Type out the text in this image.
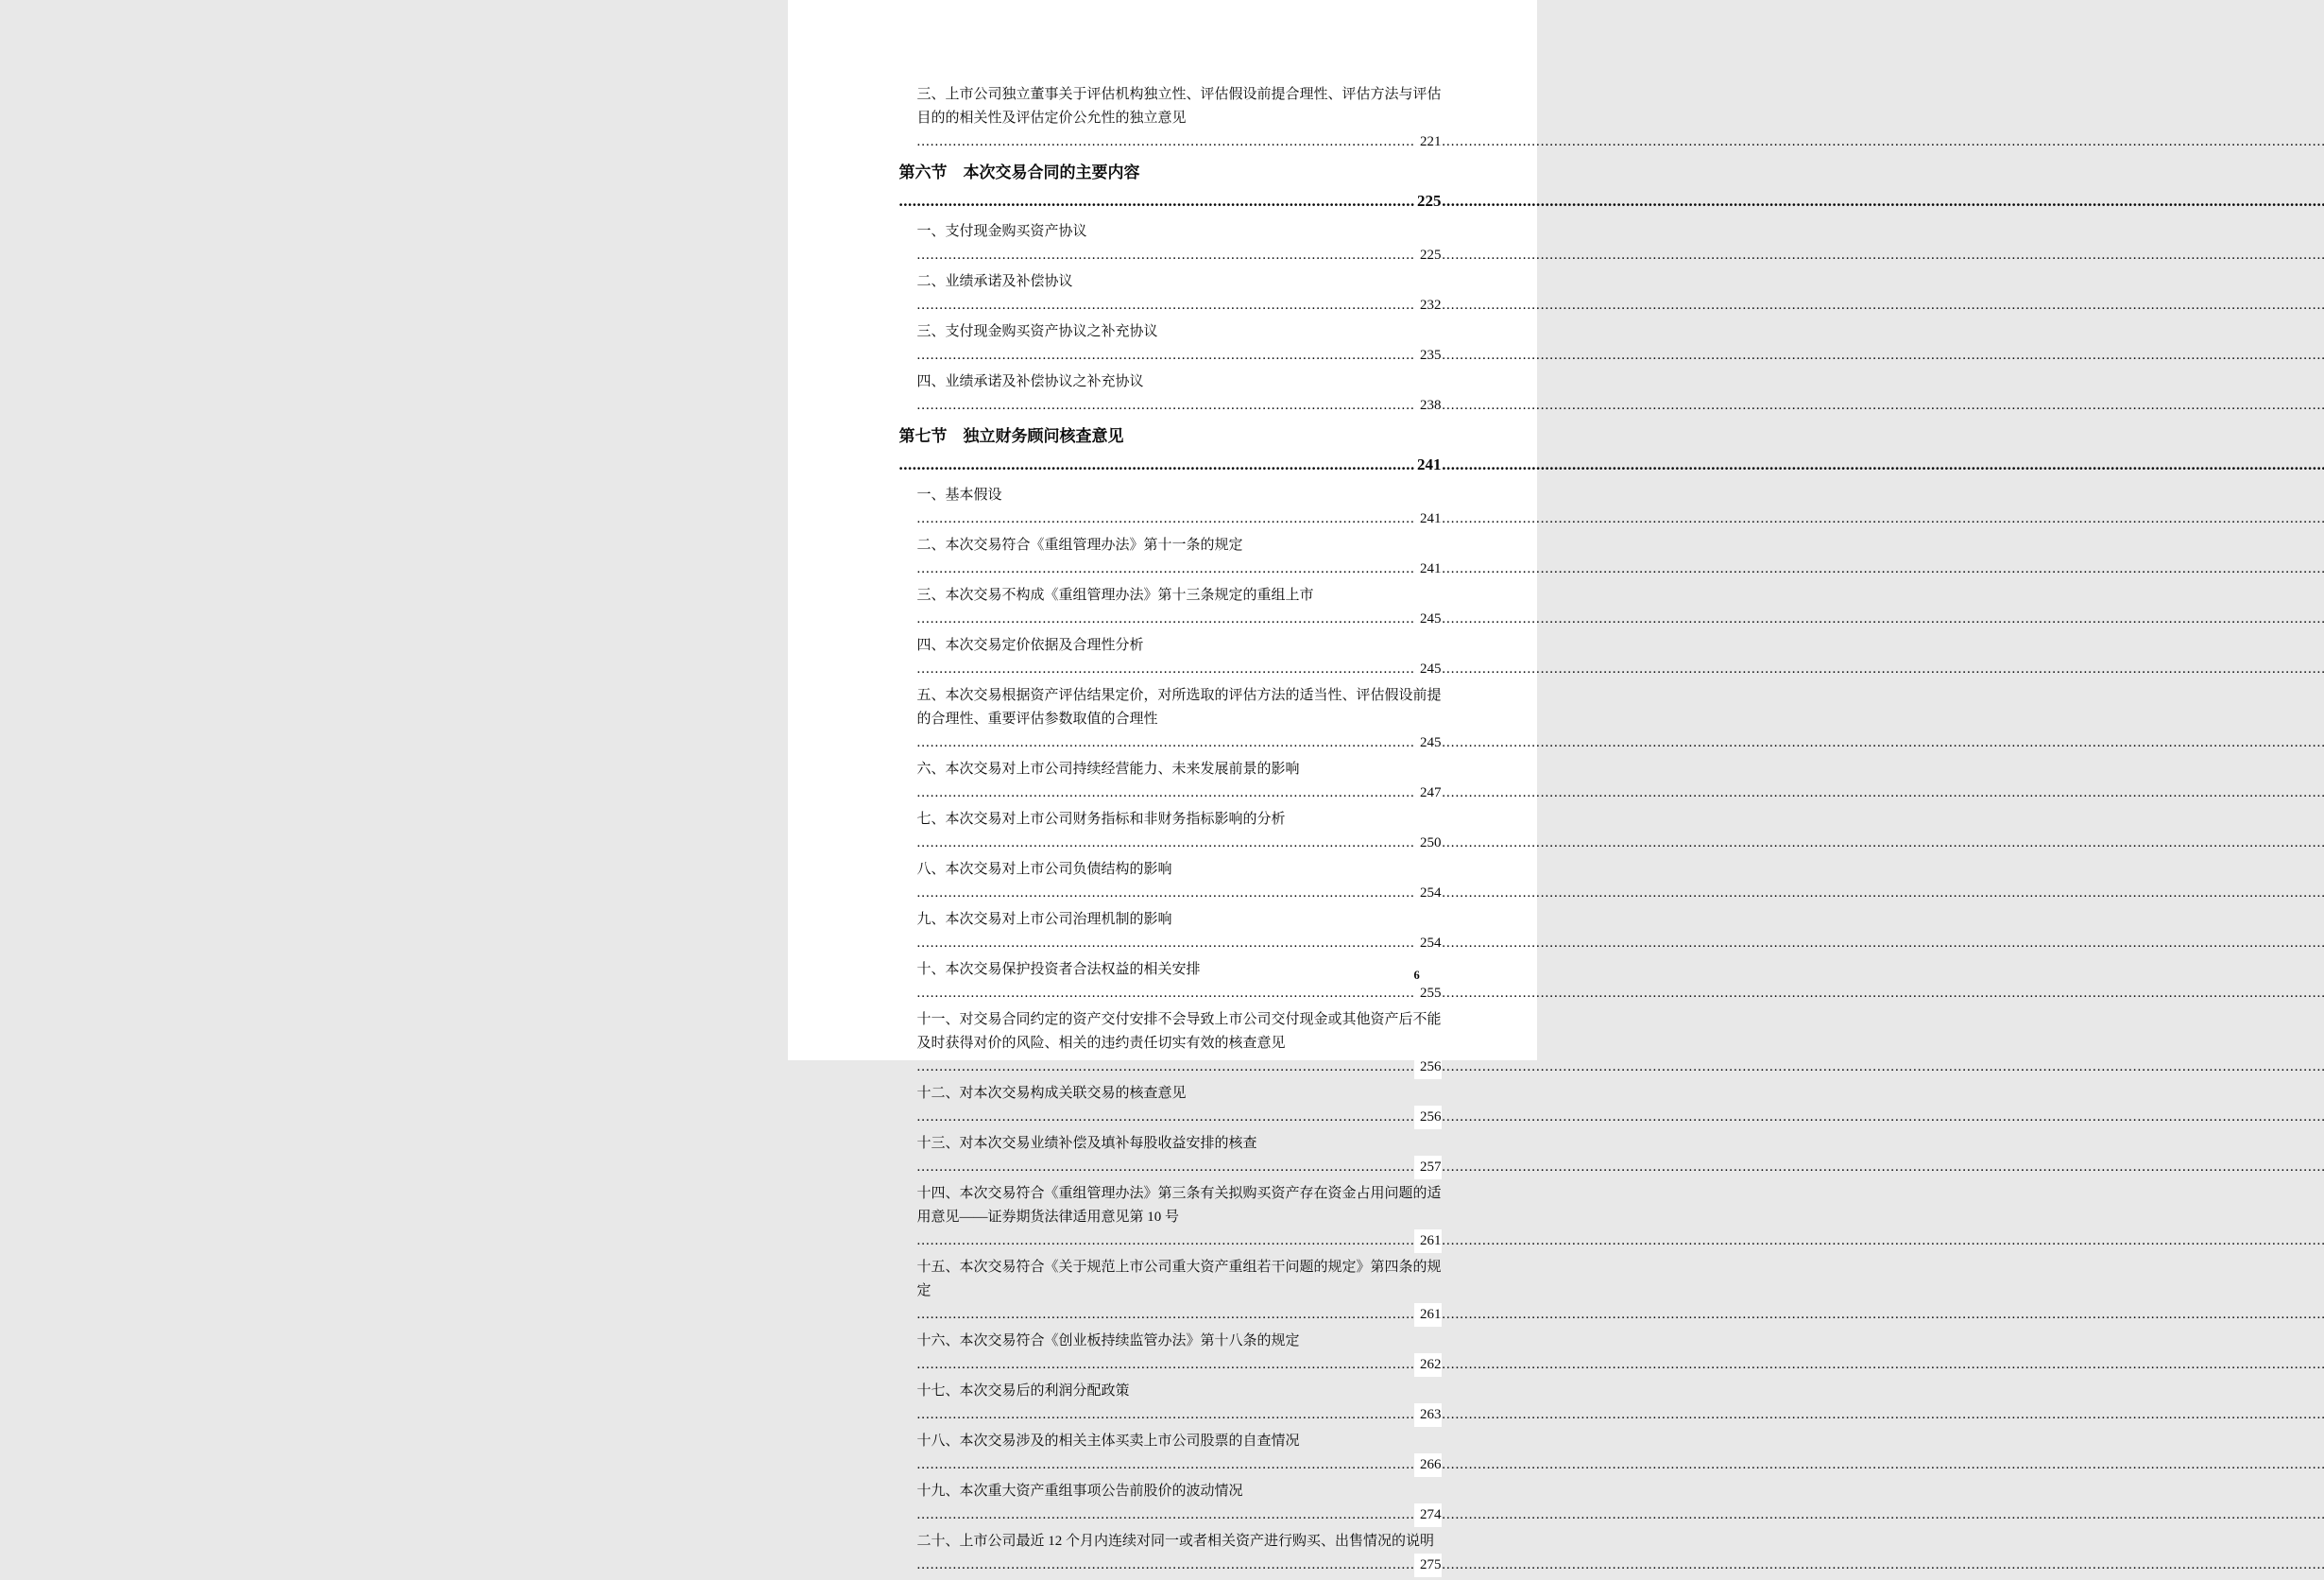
三、上市公司独立董事关于评估机构独立性、评估假设前提合理性、评估方法与评估目的的相关性及评估定价公允性的独立意见 .....
221

第六节　本次交易合同的主要内容 .....
225

一、支付现金购买资产协议 .....
225

二、业绩承诺及补偿协议 .....
232

三、支付现金购买资产协议之补充协议 .....
235

四、业绩承诺及补偿协议之补充协议 .....
238

第七节　独立财务顾问核查意见 .....
241

一、基本假设 .....
241

二、本次交易符合《重组管理办法》第十一条的规定 .....
241

三、本次交易不构成《重组管理办法》第十三条规定的重组上市 .....
245

四、本次交易定价依据及合理性分析 .....
245

五、本次交易根据资产评估结果定价，对所选取的评估方法的适当性、评估假设前提的合理性、重要评估参数取值的合理性 .....
245

六、本次交易对上市公司持续经营能力、未来发展前景的影响 .....
247

七、本次交易对上市公司财务指标和非财务指标影响的分析 .....
250

八、本次交易对上市公司负债结构的影响 .....
254

九、本次交易对上市公司治理机制的影响 .....
254

十、本次交易保护投资者合法权益的相关安排 .....
255

十一、对交易合同约定的资产交付安排不会导致上市公司交付现金或其他资产后不能及时获得对价的风险、相关的违约责任切实有效的核查意见 .....
256

十二、对本次交易构成关联交易的核查意见 .....
256

十三、对本次交易业绩补偿及填补每股收益安排的核查 .....
257

十四、本次交易符合《重组管理办法》第三条有关拟购买资产存在资金占用问题的适用意见——证券期货法律适用意见第 10 号 .....
261

十五、本次交易符合《关于规范上市公司重大资产重组若干问题的规定》第四条的规定 .....
261

十六、本次交易符合《创业板持续监管办法》第十八条的规定 .....
262

十七、本次交易后的利润分配政策 .....
263

十八、本次交易涉及的相关主体买卖上市公司股票的自查情况 .....
266

十九、本次重大资产重组事项公告前股价的波动情况 .....
274

二十、上市公司最近 12 个月内连续对同一或者相关资产进行购买、出售情况的说明 .....
275

6
